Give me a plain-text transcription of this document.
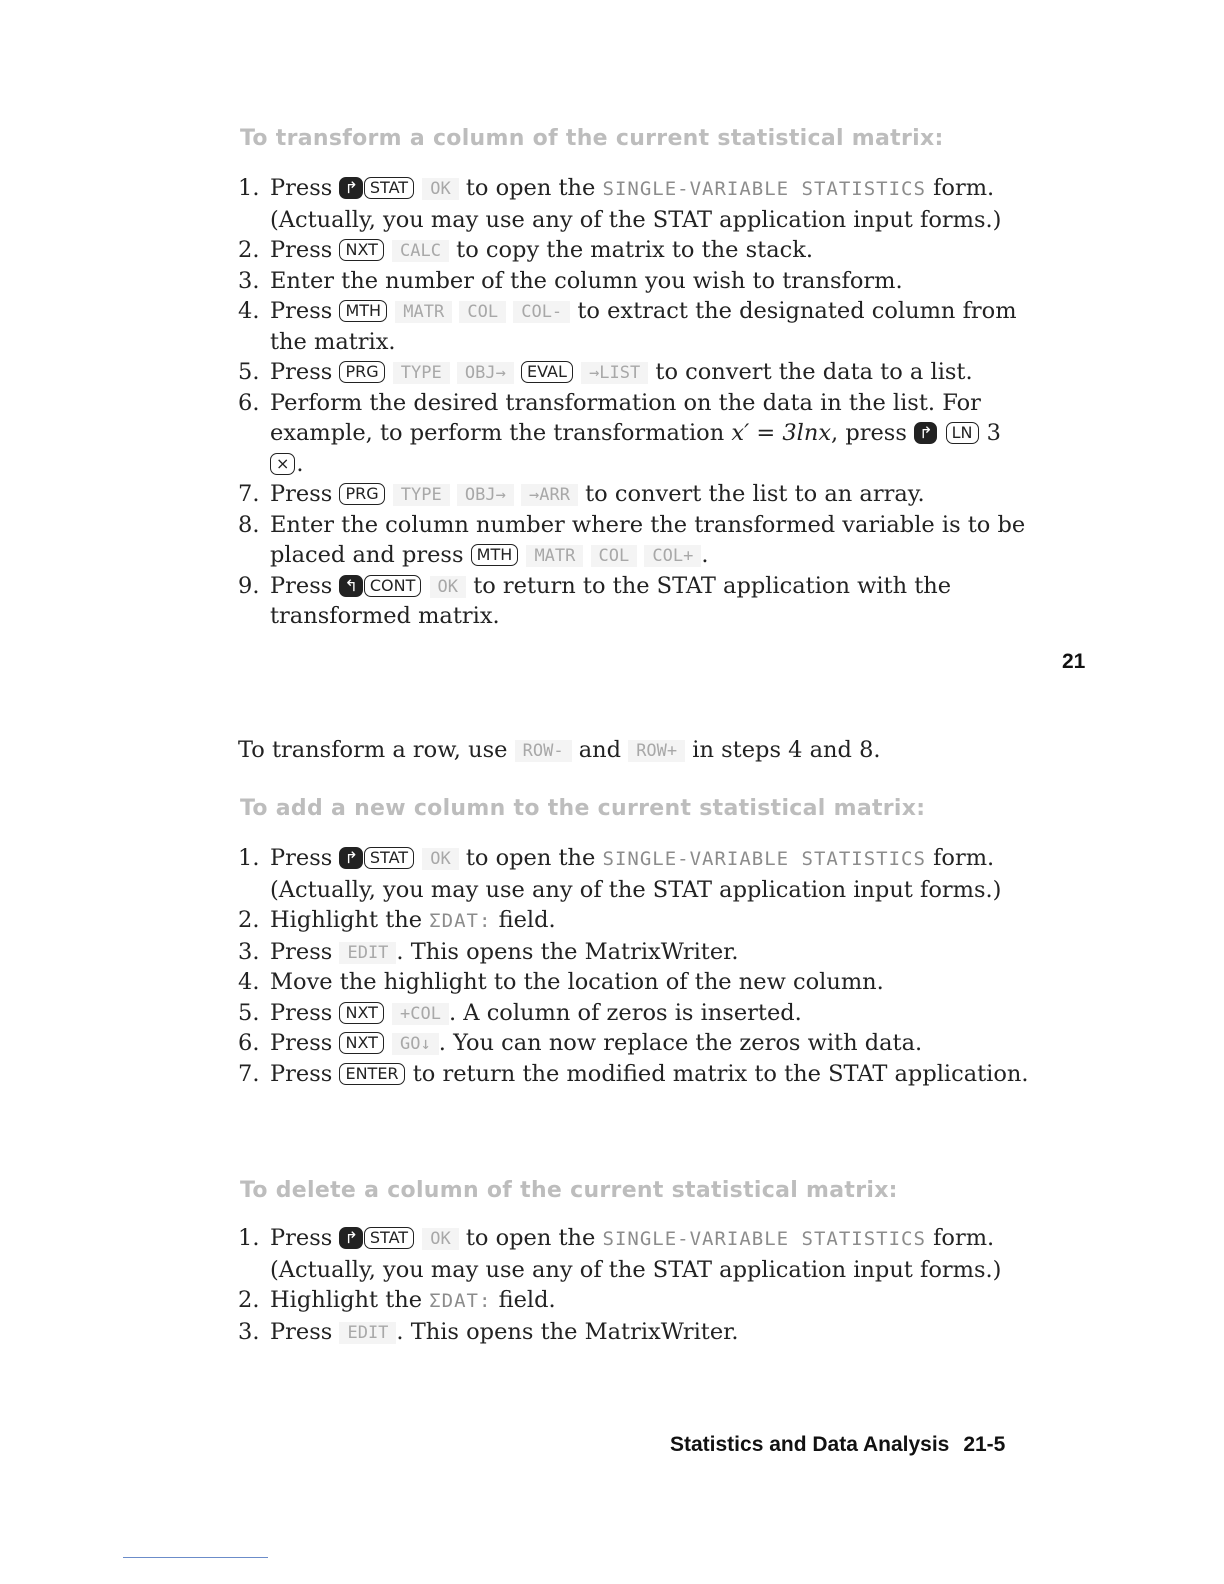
To transform a column of the current statistical matrix:
1. Press ↱ STAT OK to open the SINGLE-VARIABLE STATISTICS form. (Actually, you may use any of the STAT application input forms.)
2. Press NXT CALC to copy the matrix to the stack.
3. Enter the number of the column you wish to transform.
4. Press MTH MATR COL COL- to extract the designated column from the matrix.
5. Press PRG TYPE OBJ→ EVAL →LIST to convert the data to a list.
6. Perform the desired transformation on the data in the list. For example, to perform the transformation x′ = 3lnx, press ↱ LN 3 × .
7. Press PRG TYPE OBJ→ →ARR to convert the list to an array.
8. Enter the column number where the transformed variable is to be placed and press MTH MATR COL COL+ .
9. Press ↰ CONT OK to return to the STAT application with the transformed matrix.

To transform a row, use ROW- and ROW+ in steps 4 and 8.

To add a new column to the current statistical matrix:
1. Press ↱ STAT OK to open the SINGLE-VARIABLE STATISTICS form. (Actually, you may use any of the STAT application input forms.)
2. Highlight the ΣDAT: field.
3. Press EDIT . This opens the MatrixWriter.
4. Move the highlight to the location of the new column.
5. Press NXT +COL . A column of zeros is inserted.
6. Press NXT GO↓ . You can now replace the zeros with data.
7. Press ENTER to return the modified matrix to the STAT application.
To delete a column of the current statistical matrix:
1. Press ↱ STAT OK to open the SINGLE-VARIABLE STATISTICS form. (Actually, you may use any of the STAT application input forms.)
2. Highlight the ΣDAT: field.
3. Press EDIT . This opens the MatrixWriter.
21
Statistics and Data Analysis 21-5
